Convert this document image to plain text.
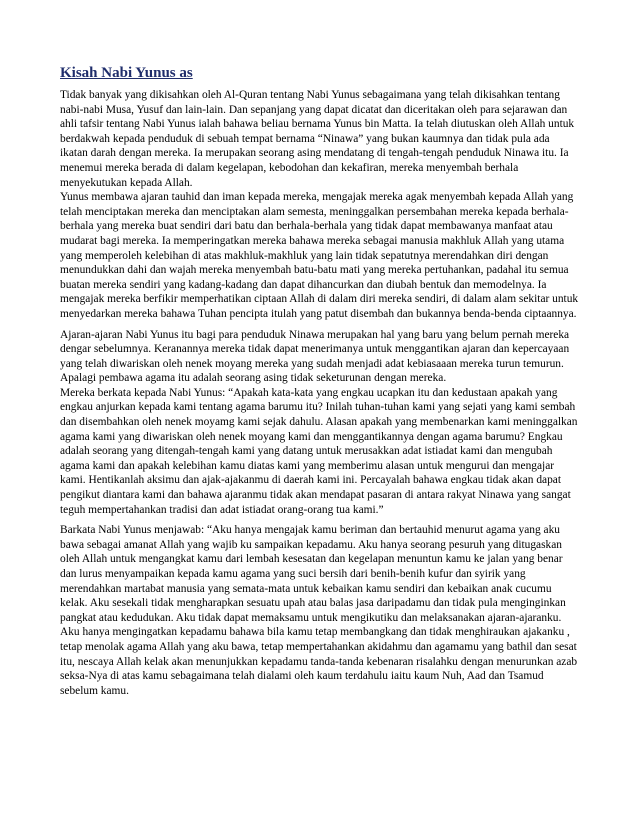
Kisah Nabi Yunus as

Tidak banyak yang dikisahkan oleh Al-Quran tentang Nabi Yunus sebagaimana yang telah dikisahkan tentang nabi-nabi Musa, Yusuf dan lain-lain. Dan sepanjang yang dapat dicatat dan diceritakan oleh para sejarawan dan ahli tafsir tentang Nabi Yunus ialah bahawa beliau bernama Yunus bin Matta. Ia telah diutuskan oleh Allah untuk berdakwah kepada penduduk di sebuah tempat bernama “Ninawa” yang bukan kaumnya dan tidak pula ada ikatan darah dengan mereka. Ia merupakan seorang asing mendatang di tengah-tengah penduduk Ninawa itu. Ia menemui mereka berada di dalam kegelapan, kebodohan dan kekafiran, mereka menyembah berhala menyekutukan kepada Allah.

Yunus membawa ajaran tauhid dan iman kepada mereka, mengajak mereka agak menyembah kepada Allah yang telah menciptakan mereka dan menciptakan alam semesta, meninggalkan persembahan mereka kepada berhala-berhala yang mereka buat sendiri dari batu dan berhala-berhala yang tidak dapat membawanya manfaat atau mudarat bagi mereka. Ia memperingatkan mereka bahawa mereka sebagai manusia makhluk Allah yang utama yang memperoleh kelebihan di atas makhluk-makhluk yang lain tidak sepatutnya merendahkan diri dengan menundukkan dahi dan wajah mereka menyembah batu-batu mati yang mereka pertuhankan, padahal itu semua buatan mereka sendiri yang kadang-kadang dan dapat dihancurkan dan diubah bentuk dan memodelnya. Ia mengajak mereka berfikir memperhatikan ciptaan Allah di dalam diri mereka sendiri, di dalam alam sekitar untuk menyedarkan mereka bahawa Tuhan pencipta itulah yang patut disembah dan bukannya benda-benda ciptaannya.

Ajaran-ajaran Nabi Yunus itu bagi para penduduk Ninawa merupakan hal yang baru yang belum pernah mereka dengar sebelumnya. Keranannya mereka tidak dapat menerimanya untuk menggantikan ajaran dan kepercayaan yang telah diwariskan oleh nenek moyang mereka yang sudah menjadi adat kebiasaaan mereka turun temurun. Apalagi pembawa agama itu adalah seorang asing tidak seketurunan dengan mereka.

Mereka berkata kepada Nabi Yunus: “Apakah kata-kata yang engkau ucapkan itu dan kedustaan apakah yang engkau anjurkan kepada kami tentang agama barumu itu? Inilah tuhan-tuhan kami yang sejati yang kami sembah dan disembahkan oleh nenek moyamg kami sejak dahulu. Alasan apakah yang membenarkan kami meninggalkan agama kami yang diwariskan oleh nenek moyang kami dan menggantikannya dengan agama barumu? Engkau adalah seorang yang ditengah-tengah kami yang datang untuk merusakkan adat istiadat kami dan mengubah agama kami dan apakah kelebihan kamu diatas kami yang memberimu alasan untuk mengurui dan mengajar kami. Hentikanlah aksimu dan ajak-ajakanmu di daerah kami ini. Percayalah bahawa engkau tidak akan dapat pengikut diantara kami dan bahawa ajaranmu tidak akan mendapat pasaran di antara rakyat Ninawa yang sangat teguh mempertahankan tradisi dan adat istiadat orang-orang tua kami.”

Barkata Nabi Yunus menjawab: “Aku hanya mengajak kamu beriman dan bertauhid menurut agama yang aku bawa sebagai amanat Allah yang wajib ku sampaikan kepadamu. Aku hanya seorang pesuruh yang ditugaskan oleh Allah untuk mengangkat kamu dari lembah kesesatan dan kegelapan menuntun kamu ke jalan yang benar dan lurus menyampaikan kepada kamu agama yang suci bersih dari benih-benih kufur dan syirik yang merendahkan martabat manusia yang semata-mata untuk kebaikan kamu sendiri dan kebaikan anak cucumu kelak. Aku sesekali tidak mengharapkan sesuatu upah atau balas jasa daripadamu dan tidak pula menginginkan pangkat atau kedudukan. Aku tidak dapat memaksamu untuk mengikutiku dan melaksanakan ajaran-ajaranku. Aku hanya mengingatkan kepadamu bahawa bila kamu tetap membangkang dan tidak menghiraukan ajakanku , tetap menolak agama Allah yang aku bawa, tetap mempertahankan akidahmu dan agamamu yang bathil dan sesat itu, nescaya Allah kelak akan menunjukkan kepadamu tanda-tanda kebenaran risalahku dengan menurunkan azab seksa-Nya di atas kamu sebagaimana telah dialami oleh kaum terdahulu iaitu kaum Nuh, Aad dan Tsamud sebelum kamu.
